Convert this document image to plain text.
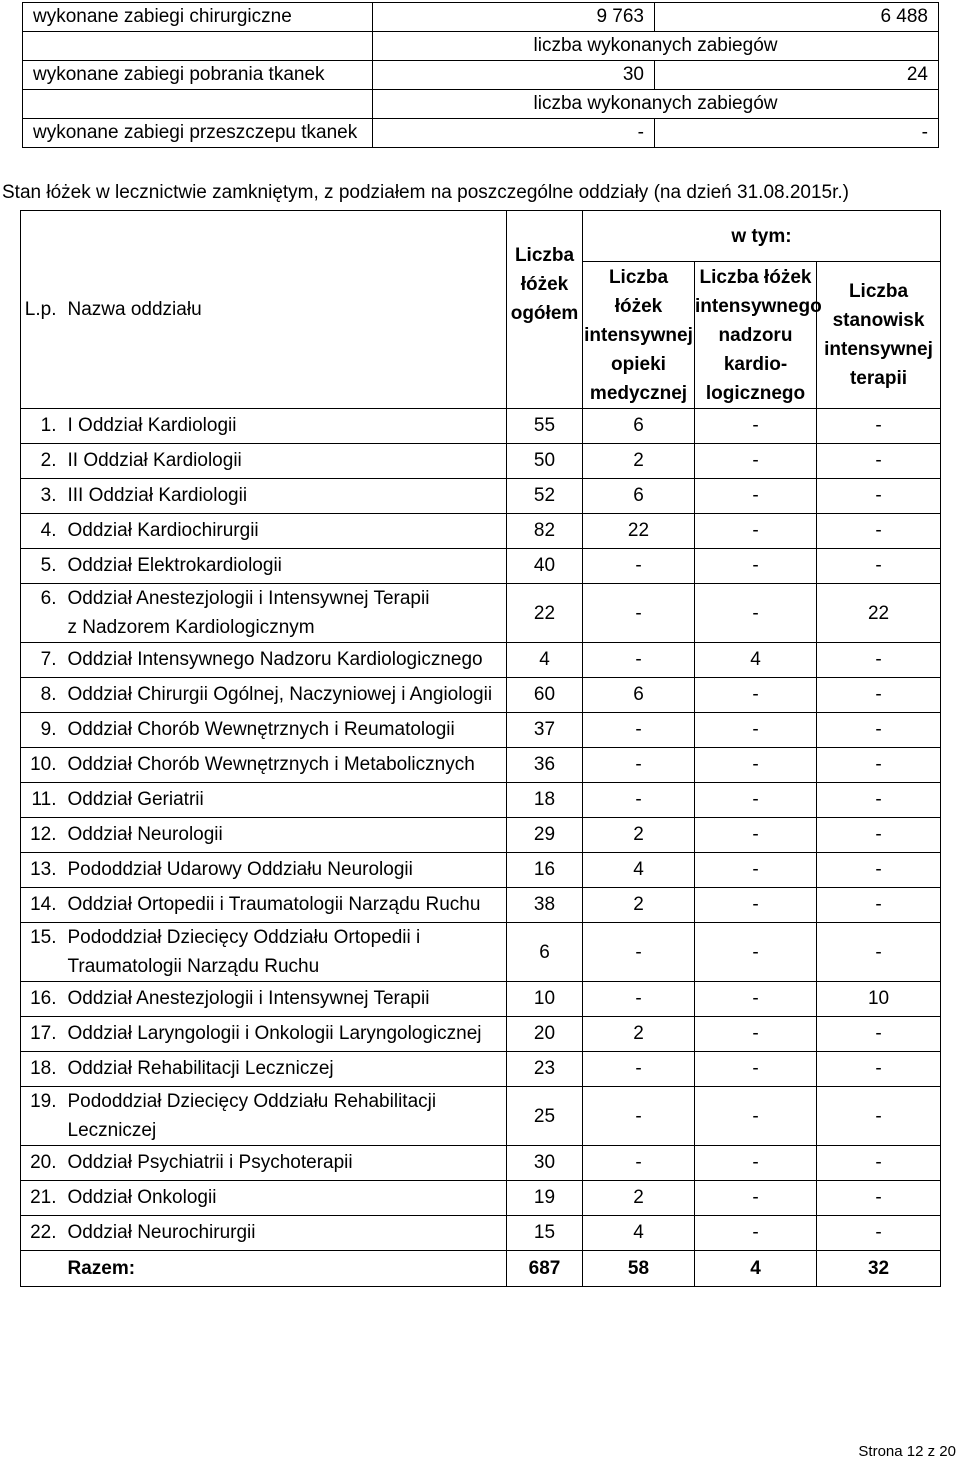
wykonane zabiegi chirurgiczne	9 763	6 488
	liczba wykonanych zabiegów	
wykonane zabiegi pobrania tkanek	30	24
	liczba wykonanych zabiegów	
wykonane zabiegi przeszczepu tkanek	-	-
Stan łóżek w lecznictwie zamkniętym, z podziałem na poszczególne oddziały (na dzień 31.08.2015r.)
L.p.	Nazwa oddziału	Liczba łóżek ogółem	w tym:		
			Liczba łóżek intensywnej opieki medycznej	Liczba łóżek intensywnego nadzoru kardio-logicznego	Liczba stanowisk intensywnej terapii
1.	I Oddział Kardiologii	55	6	-	-
2.	II Oddział Kardiologii	50	2	-	-
3.	III Oddział Kardiologii	52	6	-	-
4.	Oddział Kardiochirurgii	82	22	-	-
5.	Oddział Elektrokardiologii	40	-	-	-
6.	Oddział Anestezjologii i Intensywnej Terapii
z Nadzorem Kardiologicznym	22	-	-	22
7.	Oddział Intensywnego Nadzoru Kardiologicznego	4	-	4	-
8.	Oddział Chirurgii Ogólnej, Naczyniowej i Angiologii	60	6	-	-
9.	Oddział Chorób Wewnętrznych i Reumatologii	37	-	-	-
10.	Oddział Chorób Wewnętrznych i Metabolicznych	36	-	-	-
11.	Oddział Geriatrii	18	-	-	-
12.	Oddział Neurologii	29	2	-	-
13.	Pododdział Udarowy Oddziału Neurologii	16	4	-	-
14.	Oddział Ortopedii i Traumatologii Narządu Ruchu	38	2	-	-
15.	Pododdział Dziecięcy Oddziału Ortopedii i
Traumatologii Narządu Ruchu	6	-	-	-
16.	Oddział Anestezjologii i Intensywnej Terapii	10	-	-	10
17.	Oddział Laryngologii i Onkologii Laryngologicznej	20	2	-	-
18.	Oddział Rehabilitacji Leczniczej	23	-	-	-
19.	Pododdział Dziecięcy Oddziału Rehabilitacji
Leczniczej	25	-	-	-
20.	Oddział Psychiatrii i Psychoterapii	30	-	-	-
21.	Oddział Onkologii	19	2	-	-
22.	Oddział Neurochirurgii	15	4	-	-
	Razem:	687	58	4	32
Strona 12 z 20
